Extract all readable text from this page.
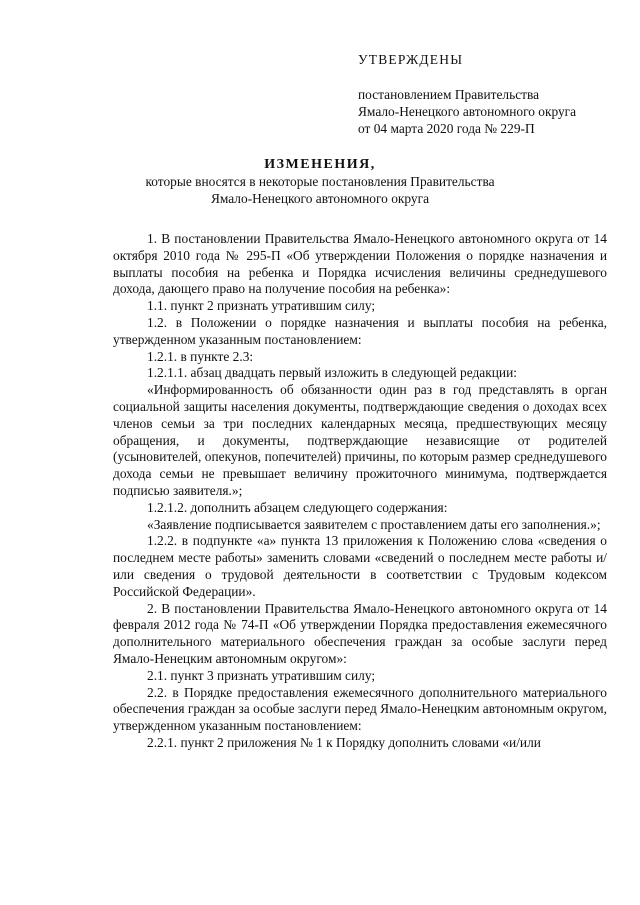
УТВЕРЖДЕНЫ
постановлением Правительства
Ямало-Ненецкого автономного округа
от 04 марта 2020 года № 229-П
ИЗМЕНЕНИЯ,
которые вносятся в некоторые постановления Правительства
Ямало-Ненецкого автономного округа

1. В постановлении Правительства Ямало-Ненецкого автономного округа от 14 октября 2010 года № 295-П «Об утверждении Положения о порядке назначения и выплаты пособия на ребенка и Порядка исчисления величины среднедушевого дохода, дающего право на получение пособия на ребенка»:

1.1. пункт 2 признать утратившим силу;

1.2. в Положении о порядке назначения и выплаты пособия на ребенка, утвержденном указанным постановлением:

1.2.1. в пункте 2.3:

1.2.1.1. абзац двадцать первый изложить в следующей редакции:

«Информированность об обязанности один раз в год представлять в орган социальной защиты населения документы, подтверждающие сведения о доходах всех членов семьи за три последних календарных месяца, предшествующих месяцу обращения, и документы, подтверждающие независящие от родителей (усыновителей, опекунов, попечителей) причины, по которым размер среднедушевого дохода семьи не превышает величину прожиточного минимума, подтверждается подписью заявителя.»;

1.2.1.2. дополнить абзацем следующего содержания:

«Заявление подписывается заявителем с проставлением даты его заполнения.»;

1.2.2. в подпункте «а» пункта 13 приложения к Положению слова «сведения о последнем месте работы» заменить словами «сведений о последнем месте работы и/или сведения о трудовой деятельности в соответствии с Трудовым кодексом Российской Федерации».

2. В постановлении Правительства Ямало-Ненецкого автономного округа от 14 февраля 2012 года № 74-П «Об утверждении Порядка предоставления ежемесячного дополнительного материального обеспечения граждан за особые заслуги перед Ямало-Ненецким автономным округом»:

2.1. пункт 3 признать утратившим силу;

2.2. в Порядке предоставления ежемесячного дополнительного материального обеспечения граждан за особые заслуги перед Ямало-Ненецким автономным округом, утвержденном указанным постановлением:

2.2.1. пункт 2 приложения № 1 к Порядку дополнить словами «и/или
